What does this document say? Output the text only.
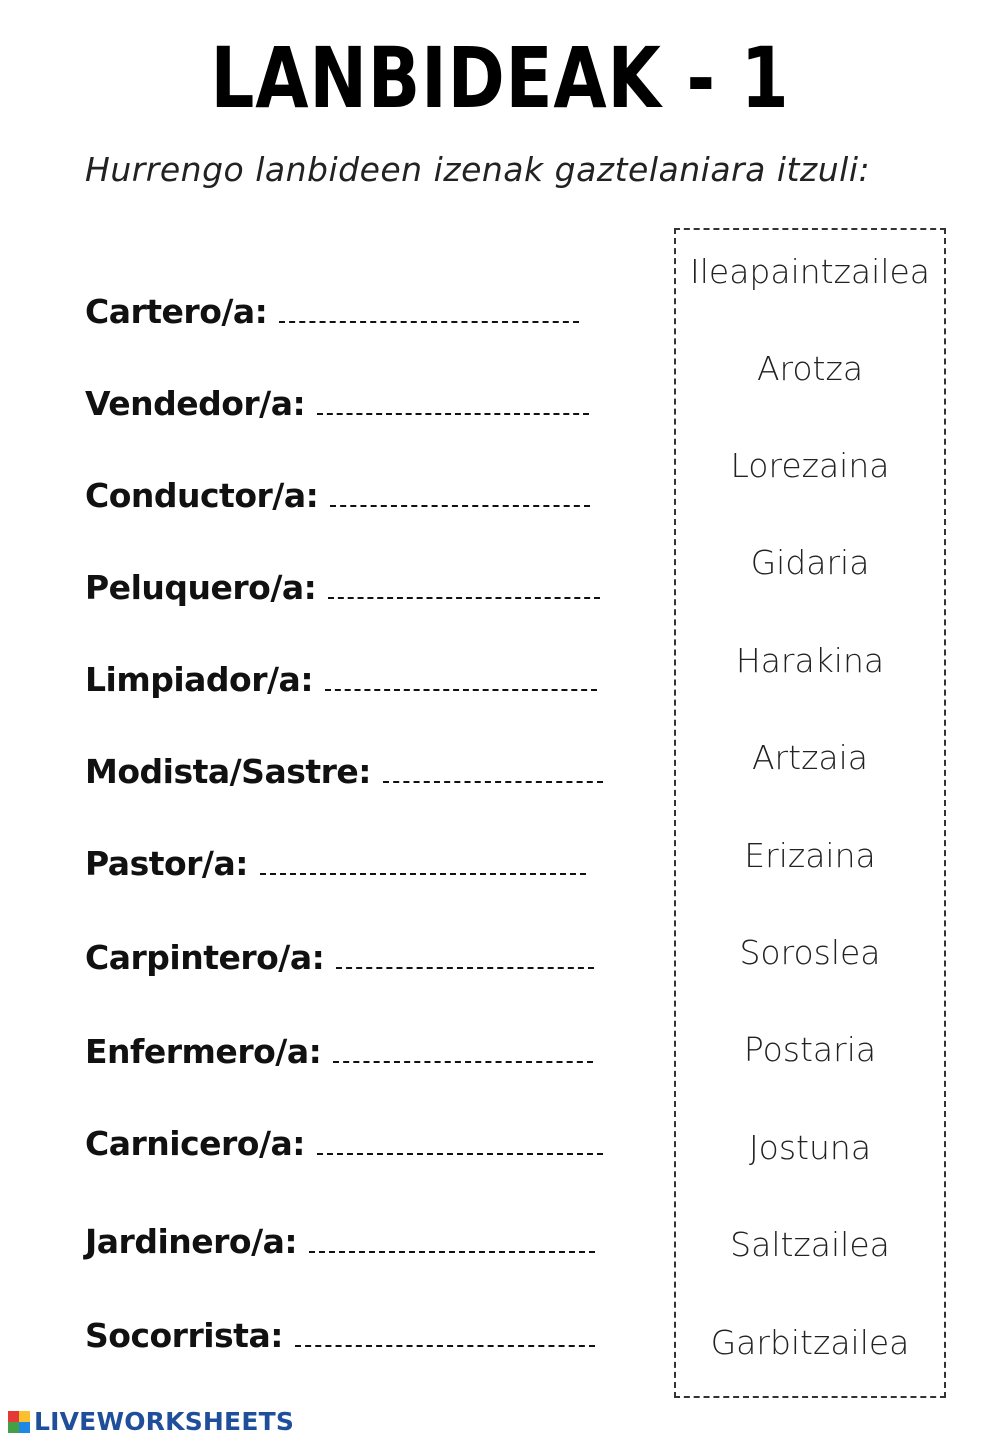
LANBIDEAK - 1
Hurrengo lanbideen izenak gaztelaniara itzuli:
Cartero/a:
Vendedor/a:
Conductor/a:
Peluquero/a:
Limpiador/a:
Modista/Sastre:
Pastor/a:
Carpintero/a:
Enfermero/a:
Carnicero/a:
Jardinero/a:
Socorrista:
Ileapaintzailea
Arotza
Lorezaina
Gidaria
Harakina
Artzaia
Erizaina
Soroslea
Postaria
Jostuna
Saltzailea
Garbitzailea
LIVEWORKSHEETS
